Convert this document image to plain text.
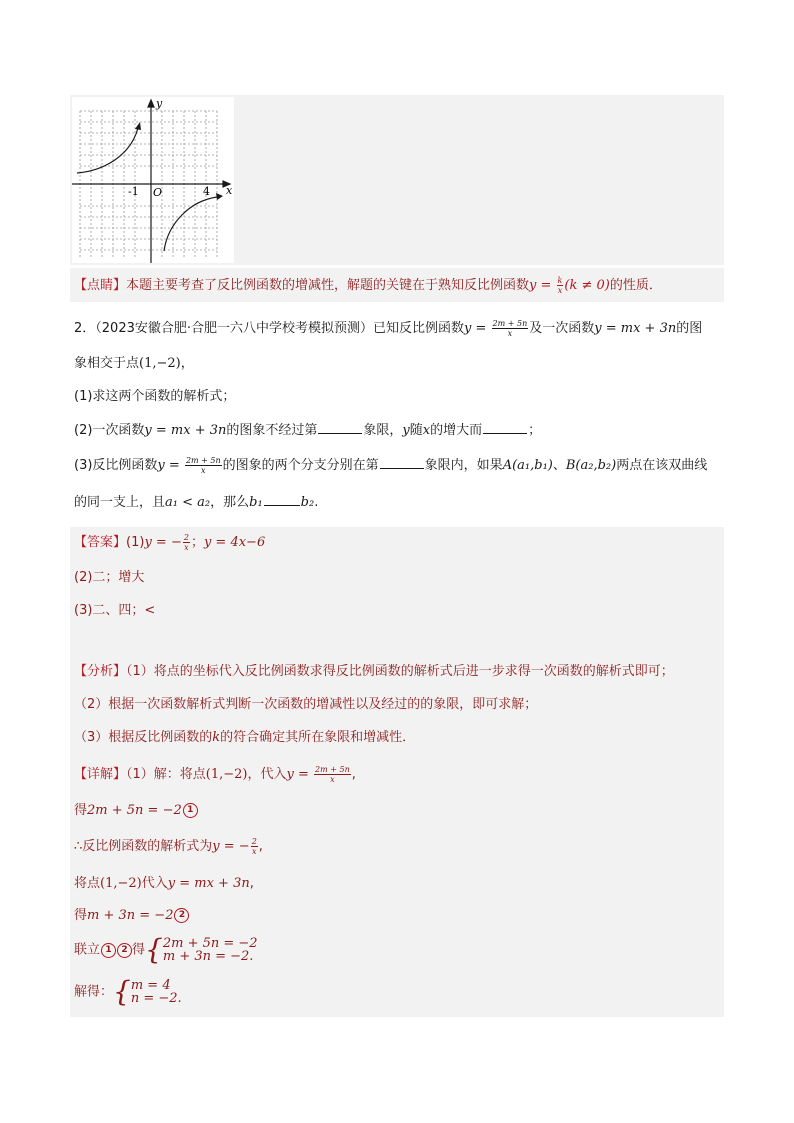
y
x
O
-1	4
【点睛】本题主要考查了反比例函数的增减性，解题的关键在于熟知反比例函数$y = \frac{k}{x} (k \ne 0)$的性质．
2．（2023安徽合肥·合肥一六八中学校考模拟预测）已知反比例函数$y = \frac{2m + 5n}{x}$ 及一次函数y = mx + 3n的图
象相交于点(1,−2)，
(1)求这两个函数的解析式；
(2)一次函数y = mx + 3n的图象不经过第	象限，y随x的增大而	；
(3)反比例函数$y = \frac{2m + 5n}{x}$ 的图象的两个分支分别在第	象限内，如果A(a₁,b₁)、B(a₂,b₂)两点在该双曲线
的同一支上，且a₁ < a₂，那么b₁	b₂.
【答案】(1)y = − $\frac{2}{x}$ ；y = 4x−6
(2)二；增大
(3)二、四；<
【分析】（1）将点的坐标代入反比例函数求得反比例函数的解析式后进一步求得一次函数的解析式即可；
（2）根据一次函数解析式判断一次函数的增减性以及经过的的象限，即可求解；
（3）根据反比例函数的k的符合确定其所在象限和增减性．
【详解】（1）解：将点(1,−2)，代入$y = \frac{2m + 5n}{x}$ ,
得2m + 5n = −2 1
∴反比例函数的解析式为y = − $\frac{2}{x}$ ,
将点(1,−2)代入y = mx + 3n,
得m + 3n = −2 2
联立 1 2 得{ 2m + 5n = −2
m + 3n = −2.
解得：{ m = 4
n = −2.
